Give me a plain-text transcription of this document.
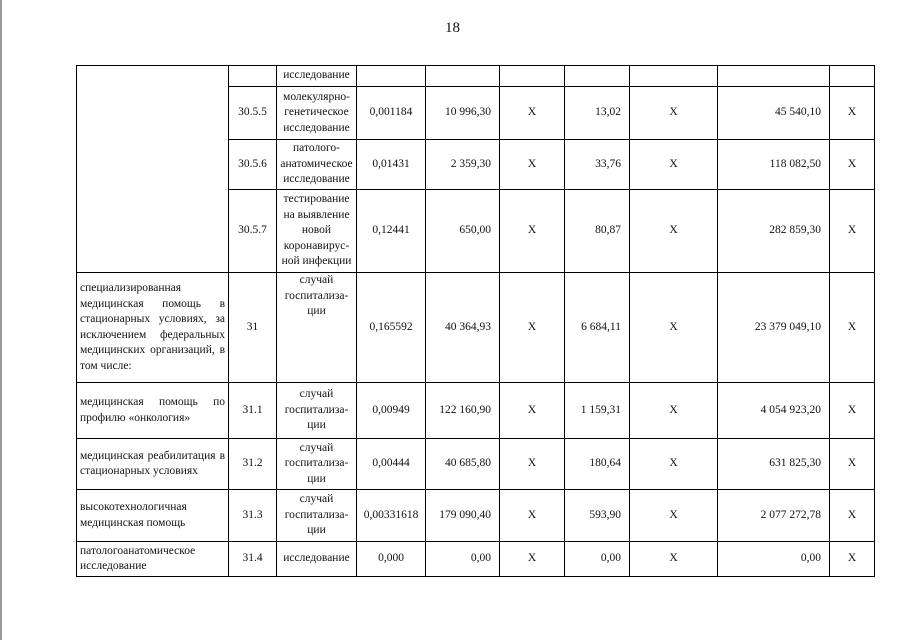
18
		исследование							
	30.5.5	молекулярно-
генетическое
исследование	0,001184	10 996,30	X	13,02	X	45 540,10	X
	30.5.6	патолого-
анатомическое
исследование	0,01431	2 359,30	X	33,76	X	118 082,50	X
	30.5.7	тестирование
на выявление
новой
коронавирус-
ной инфекции	0,12441	650,00	X	80,87	X	282 859,30	X
специализированная медицинская помощь в стационарных условиях, за исключением федеральных медицинских организаций, в том числе:	31	случай
госпитализа-
ции	0,165592	40 364,93	X	6 684,11	X	23 379 049,10	X
медицинская помощь по профилю «онкология»	31.1	случай
госпитализа-
ции	0,00949	122 160,90	X	1 159,31	X	4 054 923,20	X
медицинская реабилитация в стационарных условиях	31.2	случай
госпитализа-
ции	0,00444	40 685,80	X	180,64	X	631 825,30	X
высокотехнологичная медицинская помощь	31.3	случай
госпитализа-
ции	0,00331618	179 090,40	X	593,90	X	2 077 272,78	X
патологоанатомическое исследование	31.4	исследование	0,000	0,00	X	0,00	X	0,00	X
